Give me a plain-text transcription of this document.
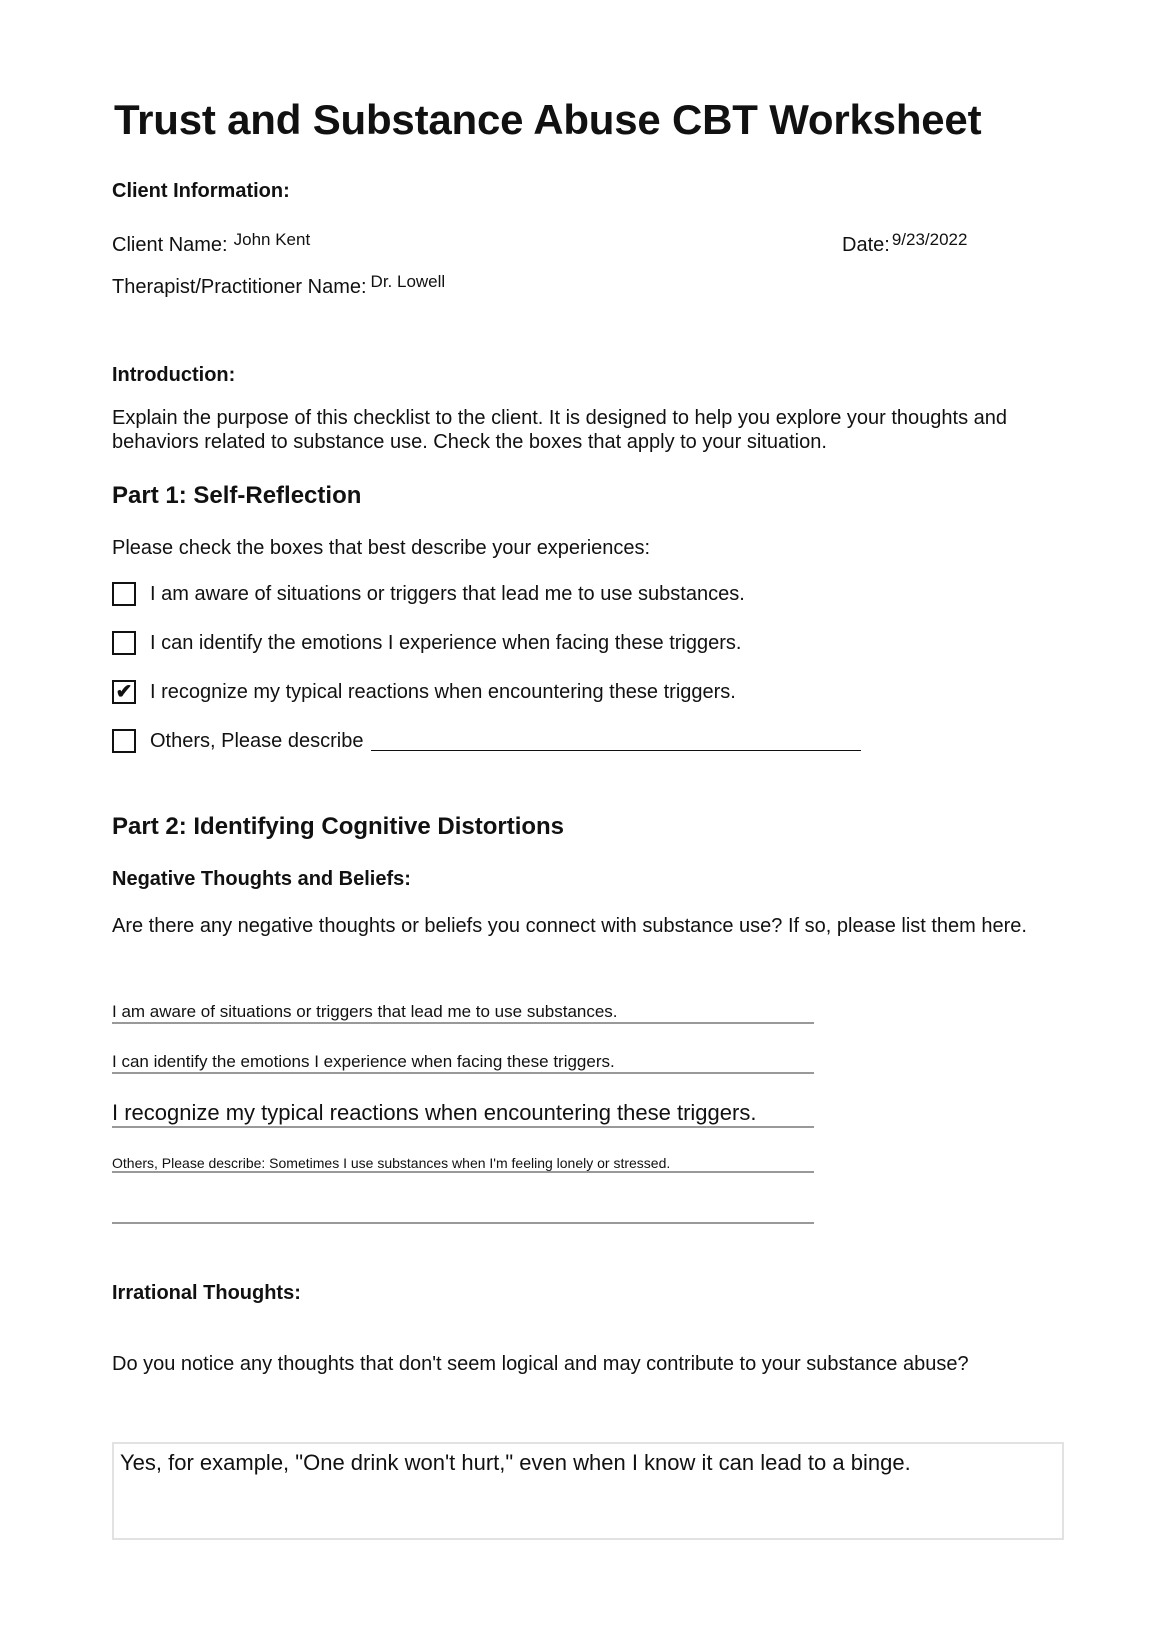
Trust and Substance Abuse CBT Worksheet
Client Information:
Client Name: John Kent	Date: 9/23/2022
Therapist/Practitioner Name: Dr. Lowell
Introduction:
Explain the purpose of this checklist to the client. It is designed to help you explore your thoughts and behaviors related to substance use. Check the boxes that apply to your situation.
Part 1: Self-Reflection
Please check the boxes that best describe your experiences:
I am aware of situations or triggers that lead me to use substances.
I can identify the emotions I experience when facing these triggers.
✔ I recognize my typical reactions when encountering these triggers.
Others, Please describe
Part 2: Identifying Cognitive Distortions
Negative Thoughts and Beliefs:
Are there any negative thoughts or beliefs you connect with substance use? If so, please list them here.
I am aware of situations or triggers that lead me to use substances.
I can identify the emotions I experience when facing these triggers.
I recognize my typical reactions when encountering these triggers.
Others, Please describe: Sometimes I use substances when I'm feeling lonely or stressed.
Irrational Thoughts:
Do you notice any thoughts that don't seem logical and may contribute to your substance abuse?
Yes, for example, "One drink won't hurt," even when I know it can lead to a binge.
